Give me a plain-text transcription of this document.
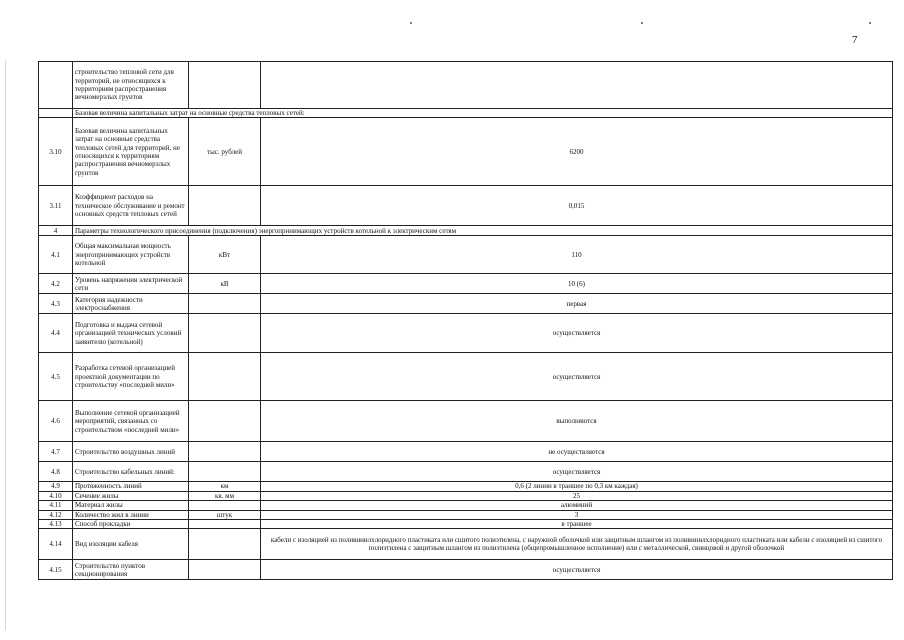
7
	строительство тепловой сети для территорий, не относящихся к территориям распространения вечномерзлых грунтов		
	Базовая величина капитальных затрат на основные средства тепловых сетей:		
3.10	Базовая величина капитальных затрат на основные средства тепловых сетей для территорий, не относящихся к территориям распространения вечномерзлых грунтов	тыс. рублей	6200
3.11	Коэффициент расходов на техническое обслуживание и ремонт основных средств тепловых сетей		0,015
4	Параметры технологического присоединения (подключения) энергопринимающих устройств котельной к электрическим сетям		
4.1	Общая максимальная мощность энергопринимающих устройств котельной	кВт	110
4.2	Уровень напряжения электрической сети	кВ	10 (6)
4.3	Категория надежности электроснабжения		первая
4.4	Подготовка и выдача сетевой организацией технических условий заявителю (котельной)		осуществляется
4.5	Разработка сетевой организацией проектной документации по строительству «последней мили»		осуществляется
4.6	Выполнение сетевой организацией мероприятий, связанных со строительством «последней мили»		выполняются
4.7	Строительство воздушных линий		не осуществляется
4.8	Строительство кабельных линий:		осуществляется
4.9	Протяженность линий	км	0,6 (2 линии в траншее по 0,3 км каждая)
4.10	Сечение жилы	кв. мм	25
4.11	Материал жилы		алюминий
4.12	Количество жил в линии	штук	3
4.13	Способ прокладки		в траншее
4.14	Вид изоляции кабеля		кабели с изоляцией из поливинилхлоридного пластиката или сшитого полиэтилена, с наружной оболочкой или защитным шлангом из поливинилхлоридного пластиката или кабели с изоляцией из сшитого полиэтилена с защитным шлангом из полиэтилена (общепромышленное исполнение) или с металлической, свинцовой и другой оболочкой
4.15	Строительство пунктов секционирования		осуществляется
